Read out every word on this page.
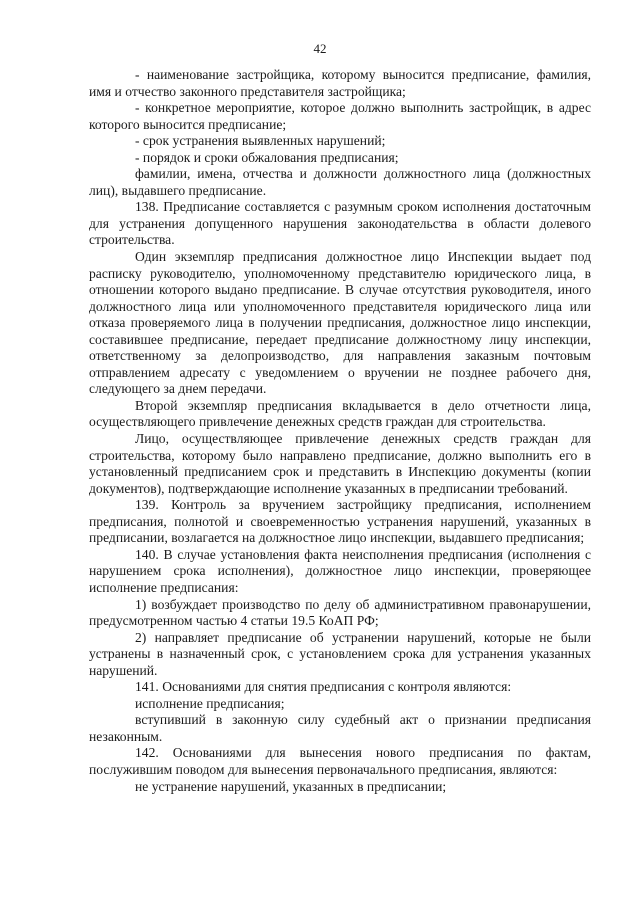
42

- наименование застройщика, которому выносится предписание, фамилия, имя и отчество законного представителя застройщика;

- конкретное мероприятие, которое должно выполнить застройщик, в адрес которого выносится предписание;

- срок устранения выявленных нарушений;

- порядок и сроки обжалования предписания;

фамилии, имена, отчества и должности должностного лица (должностных лиц), выдавшего предписание.

138. Предписание составляется с разумным сроком исполнения достаточным для устранения допущенного нарушения законодательства в области долевого строительства.

Один экземпляр предписания должностное лицо Инспекции выдает под расписку руководителю, уполномоченному представителю юридического лица, в отношении которого выдано предписание. В случае отсутствия руководителя, иного должностного лица или уполномоченного представителя юридического лица или отказа проверяемого лица в получении предписания, должностное лицо инспекции, составившее предписание, передает предписание должностному лицу инспекции, ответственному за делопроизводство, для направления заказным почтовым отправлением адресату с уведомлением о вручении не позднее рабочего дня, следующего за днем передачи.

Второй экземпляр предписания вкладывается в дело отчетности лица, осуществляющего привлечение денежных средств граждан для строительства.

Лицо, осуществляющее привлечение денежных средств граждан для строительства, которому было направлено предписание, должно выполнить его в установленный предписанием срок и представить в Инспекцию документы (копии документов), подтверждающие исполнение указанных в предписании требований.

139. Контроль за вручением застройщику предписания, исполнением предписания, полнотой и своевременностью устранения нарушений, указанных в предписании, возлагается на должностное лицо инспекции, выдавшего предписания;

140. В случае установления факта неисполнения предписания (исполнения с нарушением срока исполнения), должностное лицо инспекции, проверяющее исполнение предписания:

1) возбуждает производство по делу об административном правонарушении, предусмотренном частью 4 статьи 19.5 КоАП РФ;

2) направляет предписание об устранении нарушений, которые не были устранены в назначенный срок, с установлением срока для устранения указанных нарушений.

141. Основаниями для снятия предписания с контроля являются:

исполнение предписания;

вступивший в законную силу судебный акт о признании предписания незаконным.

142. Основаниями для вынесения нового предписания по фактам, послужившим поводом для вынесения первоначального предписания, являются:

не устранение нарушений, указанных в предписании;
